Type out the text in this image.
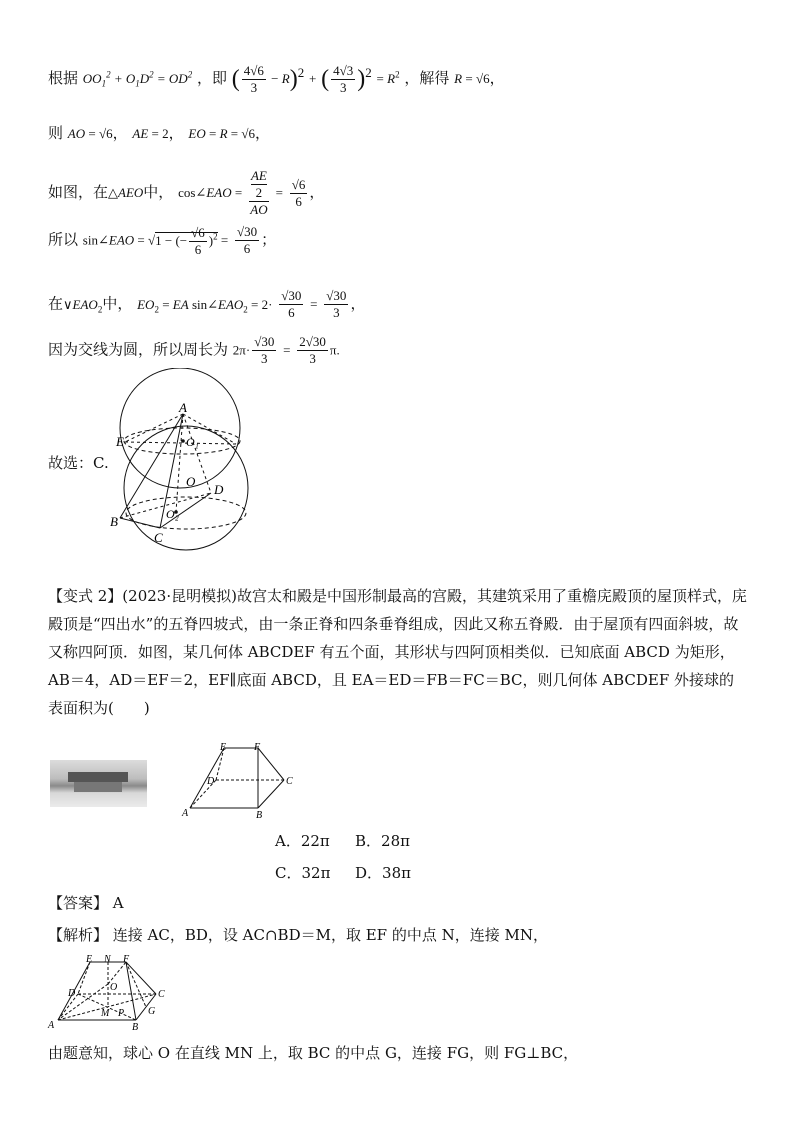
根据 $OO_1^2 + O_1D^2 = OD^2$ ，即 ( $\frac{4√6}{3} - R)^2$ + ( $\frac{4√3}{3} )^2 = R^2$ ，解得 R = √6，
则 AO = √6， AE = 2， EO = R = √6，
如图，在△AEO中， cos∠EAO = AE
2
AO = $\frac{√6}{6}$ ，
所以 sin∠EAO = √1 − (− $\frac{√6}{6} )^2 = \frac{√30}{6}$ ；
在$\vee EAO_2$中， $EO_2$ = EA $\sin\angle EAO_2 = 2\cdot \frac{√30}{6} = \frac{√30}{3}$ ，
因为交线为圆，所以周长为 $2\pi\cdot \frac{√30}{3} = \frac{2√30}{3} \pi$.
故选：C.
A
O₁
E
O
D
O₂
B
C
【变式 2】(2023·昆明模拟)故宫太和殿是中国形制最高的宫殿，其建筑采用了重檐庑殿顶的屋顶样式，庑殿顶是“四出水”的五脊四坡式，由一条正脊和四条垂脊组成，因此又称五脊殿．由于屋顶有四面斜坡，故又称四阿顶．如图，某几何体 ABCDEF 有五个面，其形状与四阿顶相类似．已知底面 ABCD 为矩形，AB＝4，AD＝EF＝2，EF∥底面 ABCD，且 EA＝ED＝FB＝FC＝BC，则几何体 ABCDEF 外接球的表面积为(　　)
E	F
D	C
A	B
A．22π B．28π
C．32π D．38π
【答案】 A
【解析】 连接 AC，BD，设 AC∩BD＝M，取 EF 的中点 N，连接 MN，
E N F
D
O
C
A
M P
B
G
由题意知，球心 O 在直线 MN 上，取 BC 的中点 G，连接 FG，则 FG⊥BC，
